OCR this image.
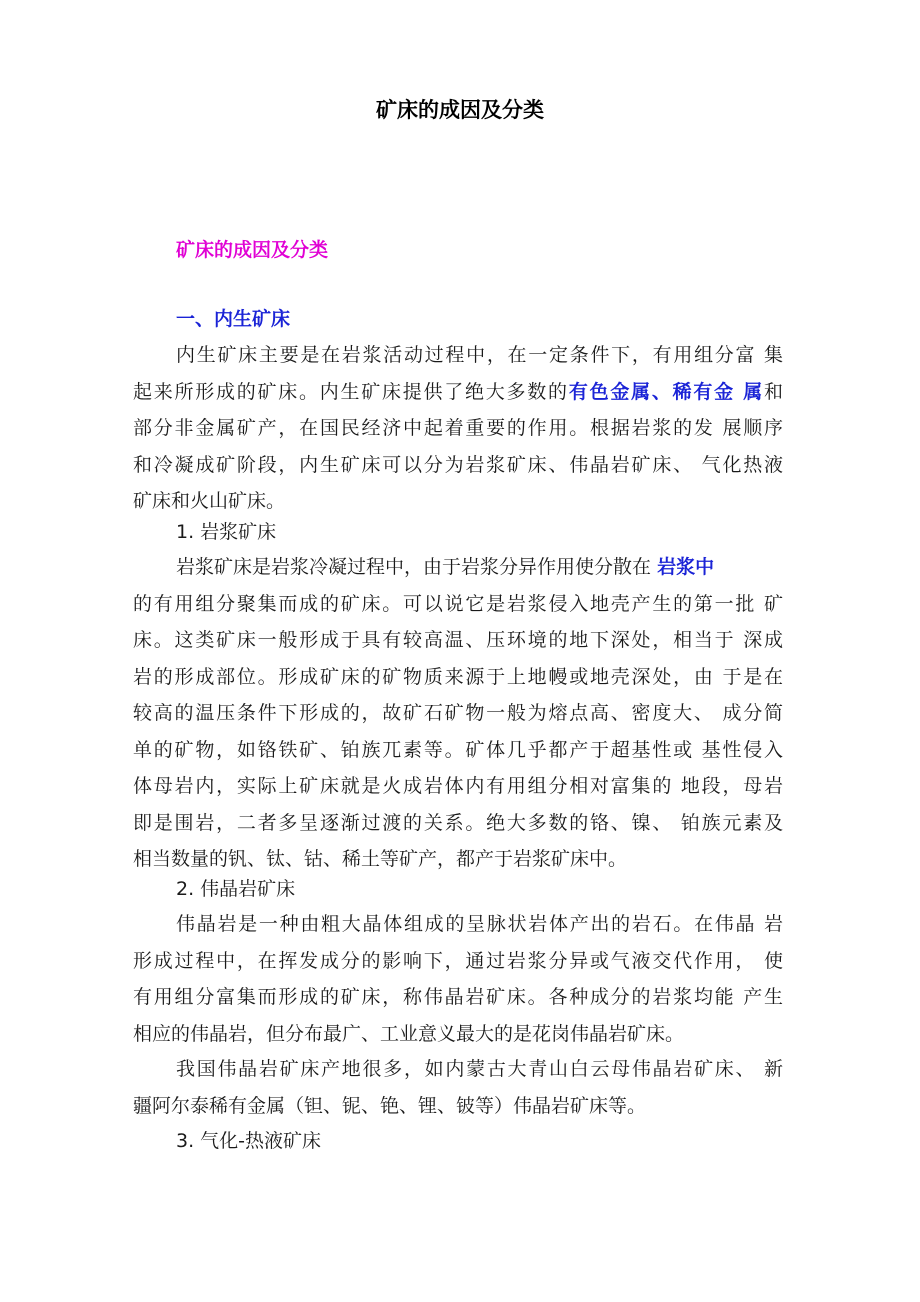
矿床的成因及分类
矿床的成因及分类
一、内生矿床
内生矿床主要是在岩浆活动过程中，在一定条件下，有用组分富 集
起来所形成的矿床。内生矿床提供了绝大多数的有色金属、稀有金 属和
部分非金属矿产，在国民经济中起着重要的作用。根据岩浆的发 展顺序
和冷凝成矿阶段，内生矿床可以分为岩浆矿床、伟晶岩矿床、 气化热液
矿床和火山矿床。
1. 岩浆矿床
岩浆矿床是岩浆冷凝过程中，由于岩浆分异作用使分散在 岩浆中
的有用组分聚集而成的矿床。可以说它是岩浆侵入地壳产生的第一批 矿
床。这类矿床一般形成于具有较高温、压环境的地下深处，相当于 深成
岩的形成部位。形成矿床的矿物质来源于上地幔或地壳深处，由 于是在
较高的温压条件下形成的，故矿石矿物一般为熔点高、密度大、 成分简
单的矿物，如铬铁矿、铂族兀素等。矿体几乎都产于超基性或 基性侵入
体母岩内，实际上矿床就是火成岩体内有用组分相对富集的 地段，母岩
即是围岩，二者多呈逐渐过渡的关系。绝大多数的铬、镍、 铂族元素及
相当数量的钒、钛、钴、稀土等矿产，都产于岩浆矿床中。
2. 伟晶岩矿床
伟晶岩是一种由粗大晶体组成的呈脉状岩体产出的岩石。在伟晶 岩
形成过程中，在挥发成分的影响下，通过岩浆分异或气液交代作用， 使
有用组分富集而形成的矿床，称伟晶岩矿床。各种成分的岩浆均能 产生
相应的伟晶岩，但分布最广、工业意义最大的是花岗伟晶岩矿床。
我国伟晶岩矿床产地很多，如内蒙古大青山白云母伟晶岩矿床、 新
疆阿尔泰稀有金属（钽、铌、铯、锂、铍等）伟晶岩矿床等。
3. 气化-热液矿床
